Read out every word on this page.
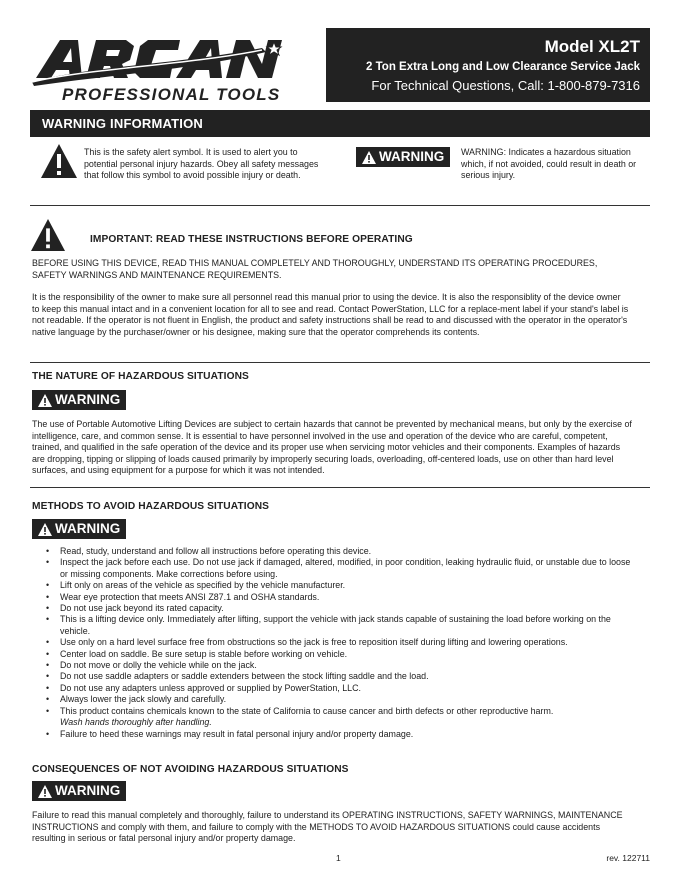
PROFESSIONAL TOOLS
Model XL2T
2 Ton Extra Long and Low Clearance Service Jack
For Technical Questions, Call: 1-800-879-7316
WARNING INFORMATION
This is the safety alert symbol. It is used to alert you to potential personal injury hazards. Obey all safety messages that follow this symbol to avoid possible injury or death.
WARNING WARNING: Indicates a hazardous situation which, if not avoided, could result in death or serious injury.
IMPORTANT: READ THESE INSTRUCTIONS BEFORE OPERATING
BEFORE USING THIS DEVICE, READ THIS MANUAL COMPLETELY AND THOROUGHLY, UNDERSTAND ITS OPERATING PROCEDURES, SAFETY WARNINGS AND MAINTENANCE REQUIREMENTS.
It is the responsibility of the owner to make sure all personnel read this manual prior to using the device. It is also the responsiblity of the device owner to keep this manual intact and in a convenient location for all to see and read. Contact PowerStation, LLC for a replace-ment label if your stand's label is not readable. If the operator is not fluent in English, the product and safety instructions shall be read to and discussed with the operator in the operator's native language by the purchaser/owner or his designee, making sure that the operator comprehends its contents.
THE NATURE OF HAZARDOUS SITUATIONS
WARNING
The use of Portable Automotive Lifting Devices are subject to certain hazards that cannot be prevented by mechanical means, but only by the exercise of intelligence, care, and common sense. It is essential to have personnel involved in the use and operation of the device who are careful, competent, trained, and qualified in the safe operation of the device and its proper use when servicing motor vehicles and their components. Examples of hazards are dropping, tipping or slipping of loads caused primarily by improperly securing loads, overloading, off-centered loads, use on other than hard level surfaces, and using equipment for a purpose for which it was not intended.
METHODS TO AVOID HAZARDOUS SITUATIONS
WARNING
• Read, study, understand and follow all instructions before operating this device.
• Inspect the jack before each use. Do not use jack if damaged, altered, modified, in poor condition, leaking hydraulic fluid, or unstable due to loose or missing components. Make corrections before using.
• Lift only on areas of the vehicle as specified by the vehicle manufacturer.
• Wear eye protection that meets ANSI Z87.1 and OSHA standards.
• Do not use jack beyond its rated capacity.
• This is a lifting device only. Immediately after lifting, support the vehicle with jack stands capable of sustaining the load before working on the vehicle.
• Use only on a hard level surface free from obstructions so the jack is free to reposition itself during lifting and lowering operations.
• Center load on saddle. Be sure setup is stable before working on vehicle.
• Do not move or dolly the vehicle while on the jack.
• Do not use saddle adapters or saddle extenders between the stock lifting saddle and the load.
• Do not use any adapters unless approved or supplied by PowerStation, LLC.
• Always lower the jack slowly and carefully.
• This product contains chemicals known to the state of California to cause cancer and birth defects or other reproductive harm.
Wash hands thoroughly after handling.
• Failure to heed these warnings may result in fatal personal injury and/or property damage.
CONSEQUENCES OF NOT AVOIDING HAZARDOUS SITUATIONS
WARNING
Failure to read this manual completely and thoroughly, failure to understand its OPERATING INSTRUCTIONS, SAFETY WARNINGS, MAINTENANCE INSTRUCTIONS and comply with them, and failure to comply with the METHODS TO AVOID HAZARDOUS SITUATIONS could cause accidents resulting in serious or fatal personal injury and/or property damage.
1	rev. 122711
